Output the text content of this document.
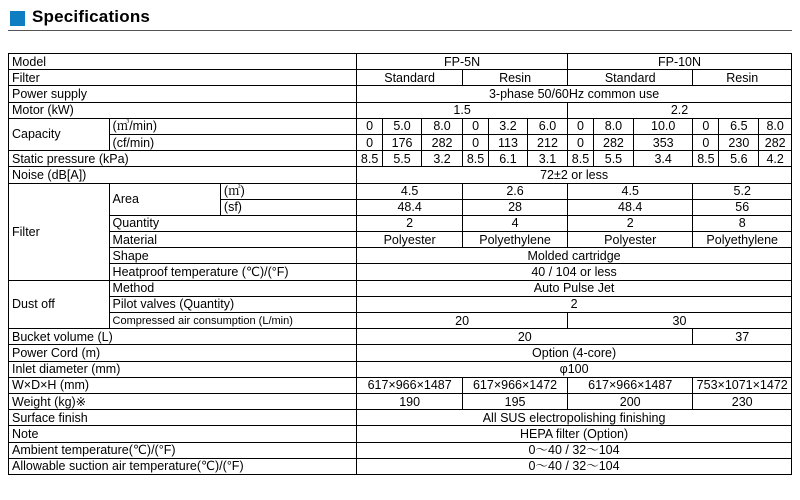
Specifications
Model			FP-5N						FP-10N					
Filter			Standard			Resin			Standard			Resin		
Power supply			3-phase 50/60Hz common use											
Motor (kW)			1.5						2.2					
Capacity	(㎥/min)		0	5.0	8.0	0	3.2	6.0	0	8.0	10.0	0	6.5	8.0
	(cf/min)		0	176	282	0	113	212	0	282	353	0	230	282
Static pressure (kPa)			8.5	5.5	3.2	8.5	6.1	3.1	8.5	5.5	3.4	8.5	5.6	4.2
Noise (dB[A])			72±2 or less											
Filter	Area	(㎡)	4.5			2.6			4.5			5.2		
		(sf)	48.4			28			48.4			56		
	Quantity		2			4			2			8		
	Material		Polyester			Polyethylene			Polyester			Polyethylene		
	Shape		Molded cartridge											
	Heatproof temperature (℃)/(°F)		40 / 104 or less											
Dust off	Method		Auto Pulse Jet											
	Pilot valves (Quantity)		2											
	Compressed air consumption (L/min)		20						30					
Bucket volume (L)			20									37		
Power Cord (m)			Option (4-core)											
Inlet diameter (mm)			φ100											
W×D×H (mm)			617×966×1487			617×966×1472			617×966×1487			753×1071×1472		
Weight (kg)※			190			195			200			230		
Surface finish			All SUS electropolishing finishing											
Note			HEPA filter (Option)											
Ambient temperature(℃)/(°F)			0～40 / 32～104											
Allowable suction air temperature(℃)/(°F)			0～40 / 32～104											
